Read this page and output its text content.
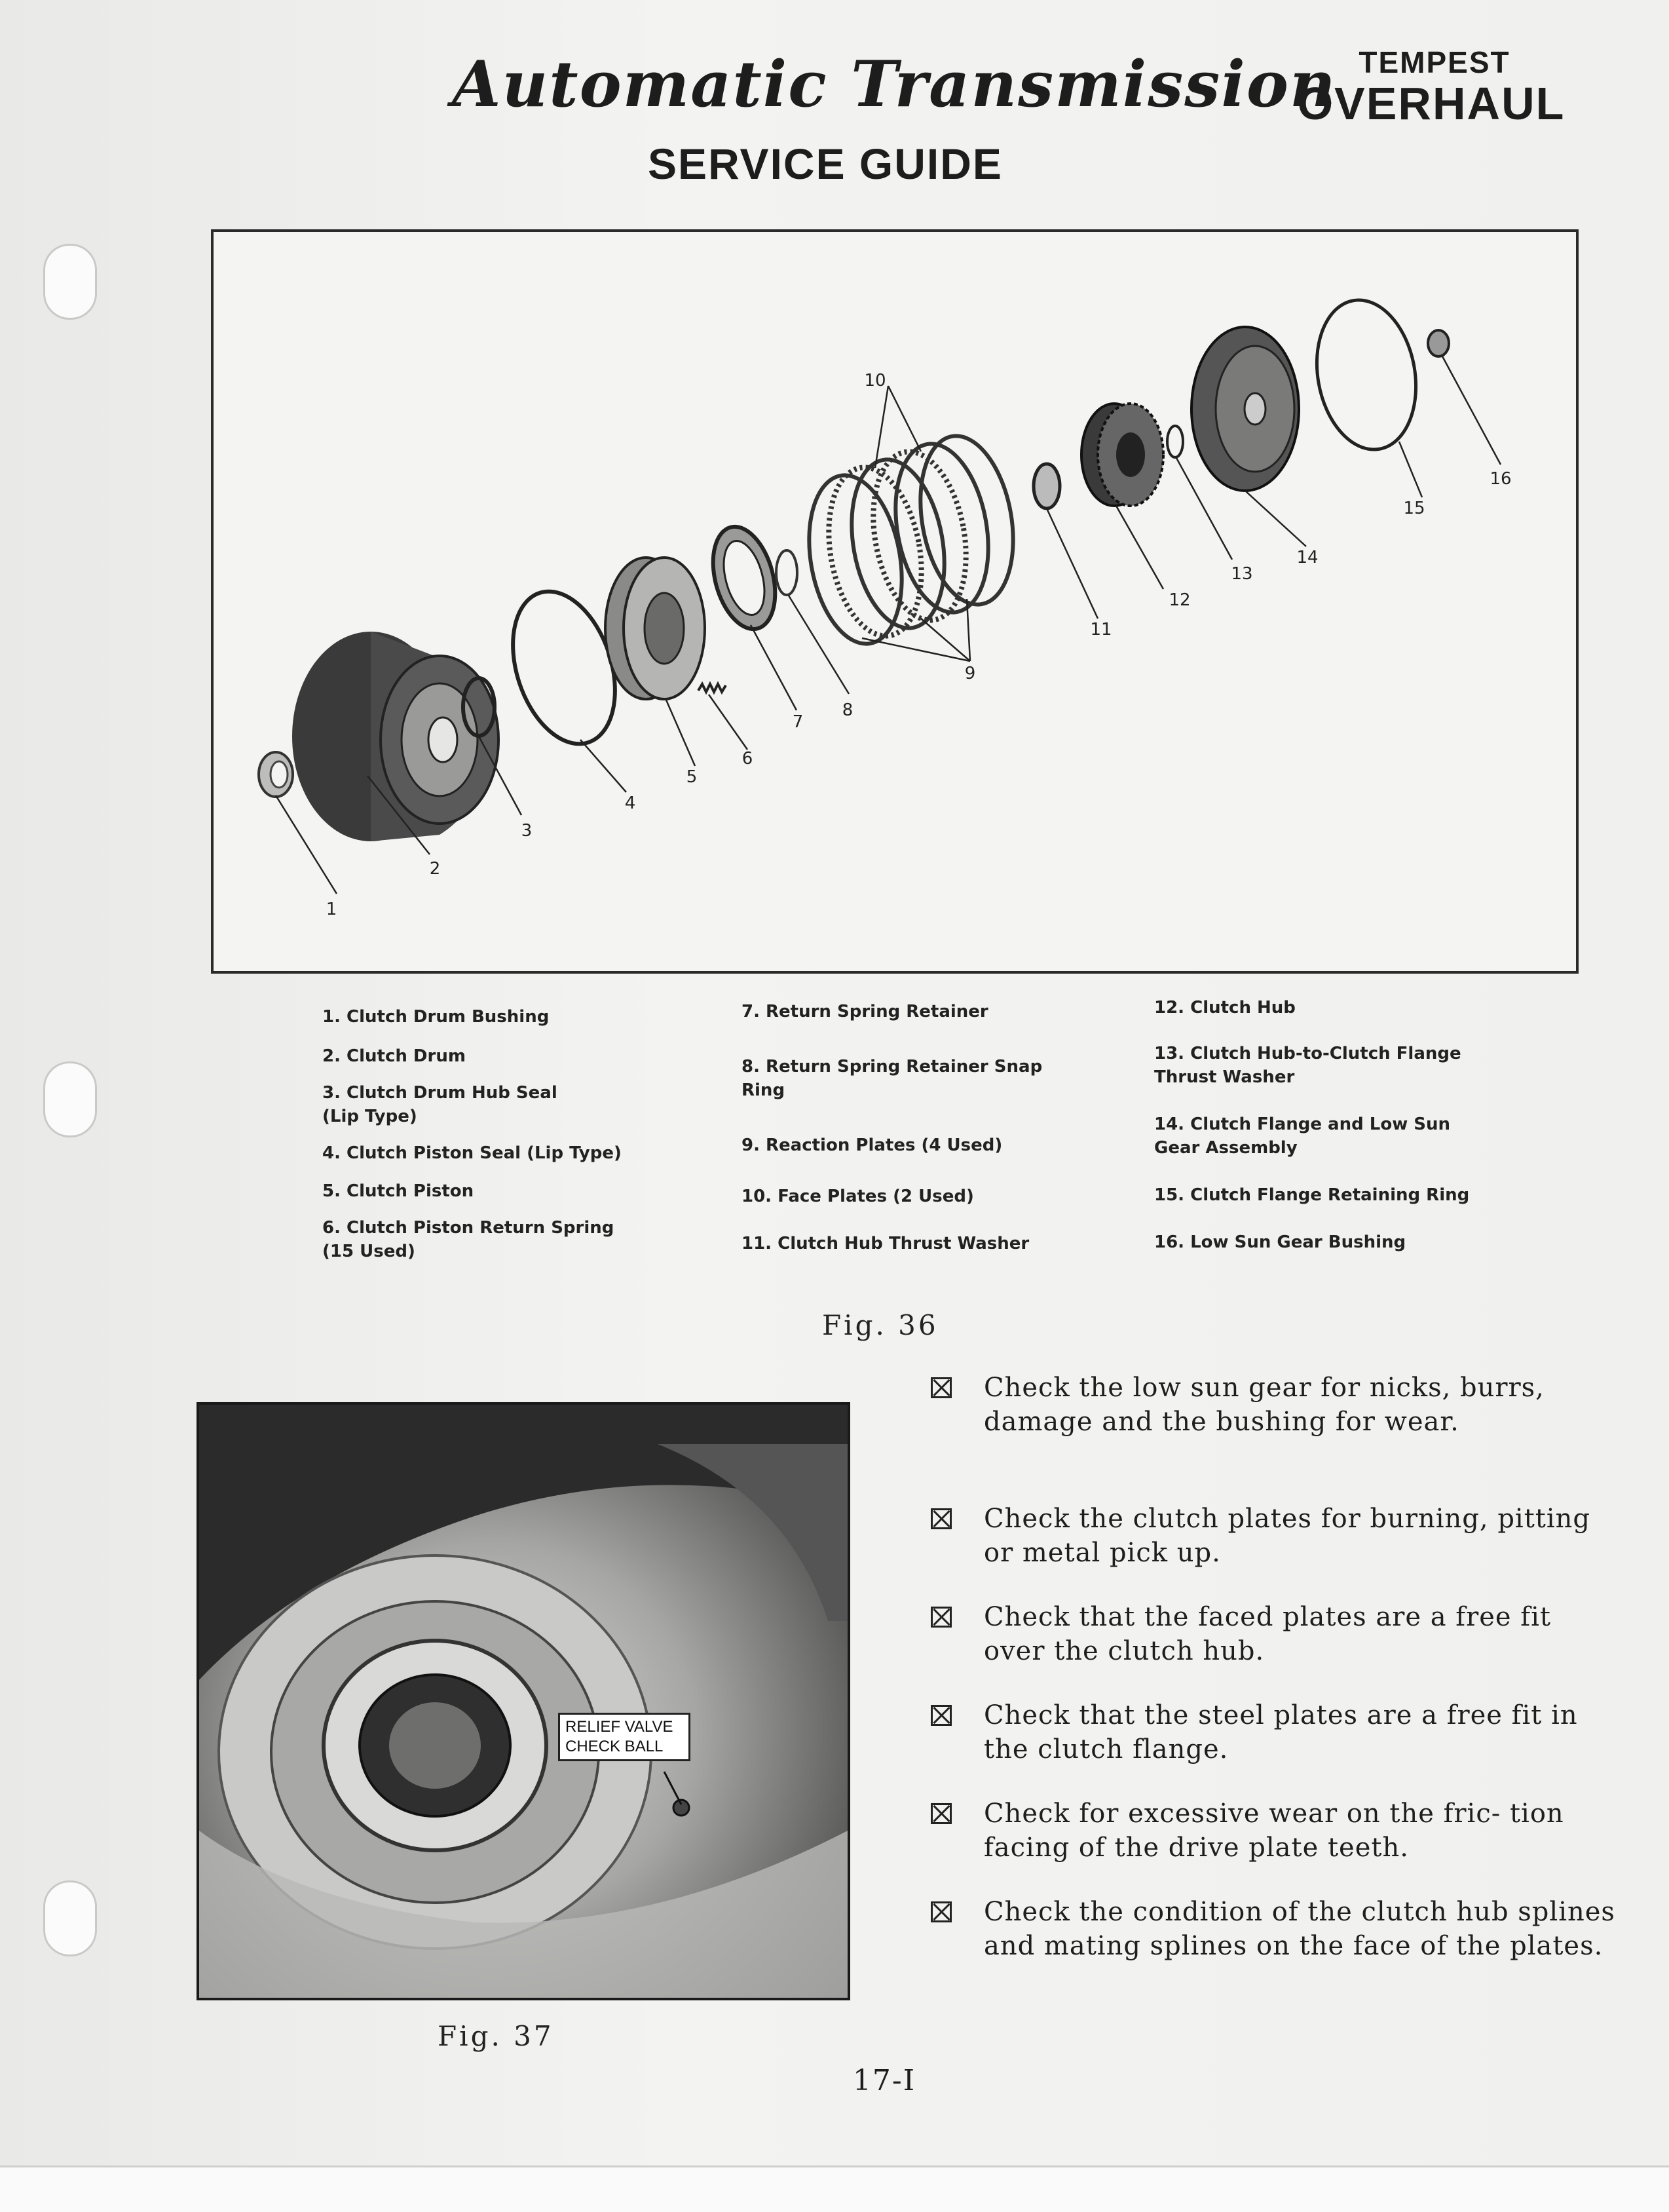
Automatic Transmission
SERVICE GUIDE
TEMPEST
OVERHAUL
1
2
3
4
5
6
7
8
9
10
11
12
13
14
15
16
1. Clutch Drum Bushing
2. Clutch Drum
3. Clutch Drum Hub Seal (Lip Type)
4. Clutch Piston Seal (Lip Type)
5. Clutch Piston
6. Clutch Piston Return Spring (15 Used)
7. Return Spring Retainer
8. Return Spring Retainer Snap Ring
9. Reaction Plates (4 Used)
10. Face Plates (2 Used)
11. Clutch Hub Thrust Washer
12. Clutch Hub
13. Clutch Hub-to-Clutch Flange Thrust Washer
14. Clutch Flange and Low Sun Gear Assembly
15. Clutch Flange Retaining Ring
16. Low Sun Gear Bushing
Fig. 36
RELIEF VALVE CHECK BALL
Fig. 37
Check the low sun gear for nicks, burrs, damage and the bushing for wear.
Check the clutch plates for burning, pitting or metal pick up.
Check that the faced plates are a free fit over the clutch hub.
Check that the steel plates are a free fit in the clutch flange.
Check for excessive wear on the fric- tion facing of the drive plate teeth.
Check the condition of the clutch hub splines and mating splines on the face of the plates.
17-I
